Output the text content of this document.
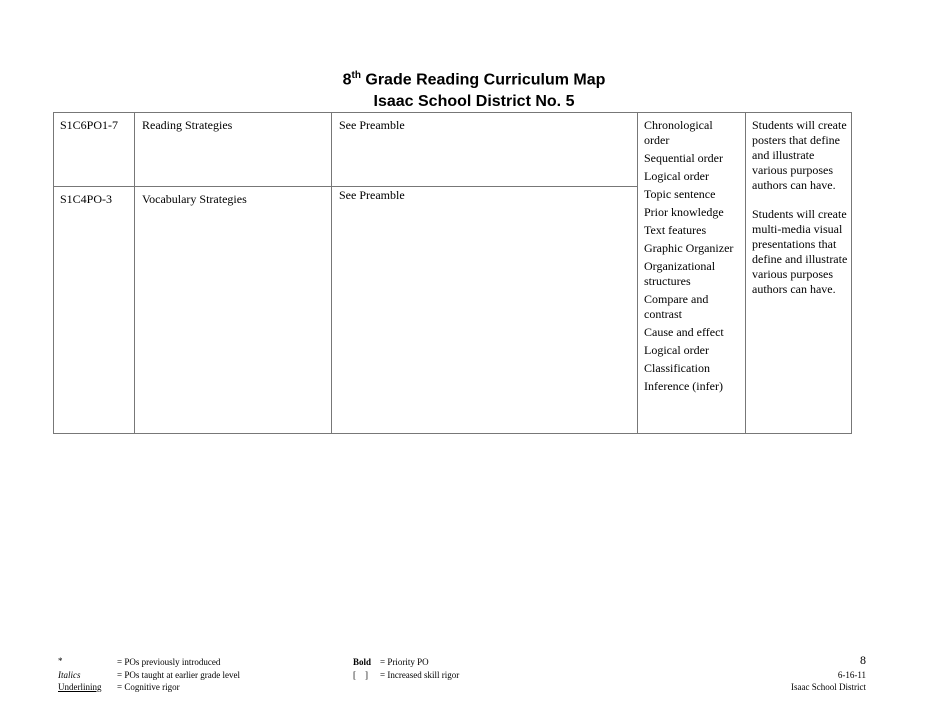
8th Grade Reading Curriculum Map
Isaac School District No. 5
S1C6PO1-7 Reading Strategies	See Preamble
S1C4PO-3 Vocabulary Strategies	See Preamble
Chronological order
Sequential order
Logical order
Topic sentence
Prior knowledge
Text features
Graphic Organizer
Organizational structures
Compare and contrast
Cause and effect
Logical order
Classification
Inference (infer)
Students will create posters that define and illustrate various purposes authors can have.
Students will create multi-media visual presentations that define and illustrate various purposes authors can have.
*	= POs previously introduced
Italics	= POs taught at earlier grade level
Underlining = Cognitive rigor
Bold = Priority PO
[    ] = Increased skill rigor
8
6-16-11
Isaac School District
